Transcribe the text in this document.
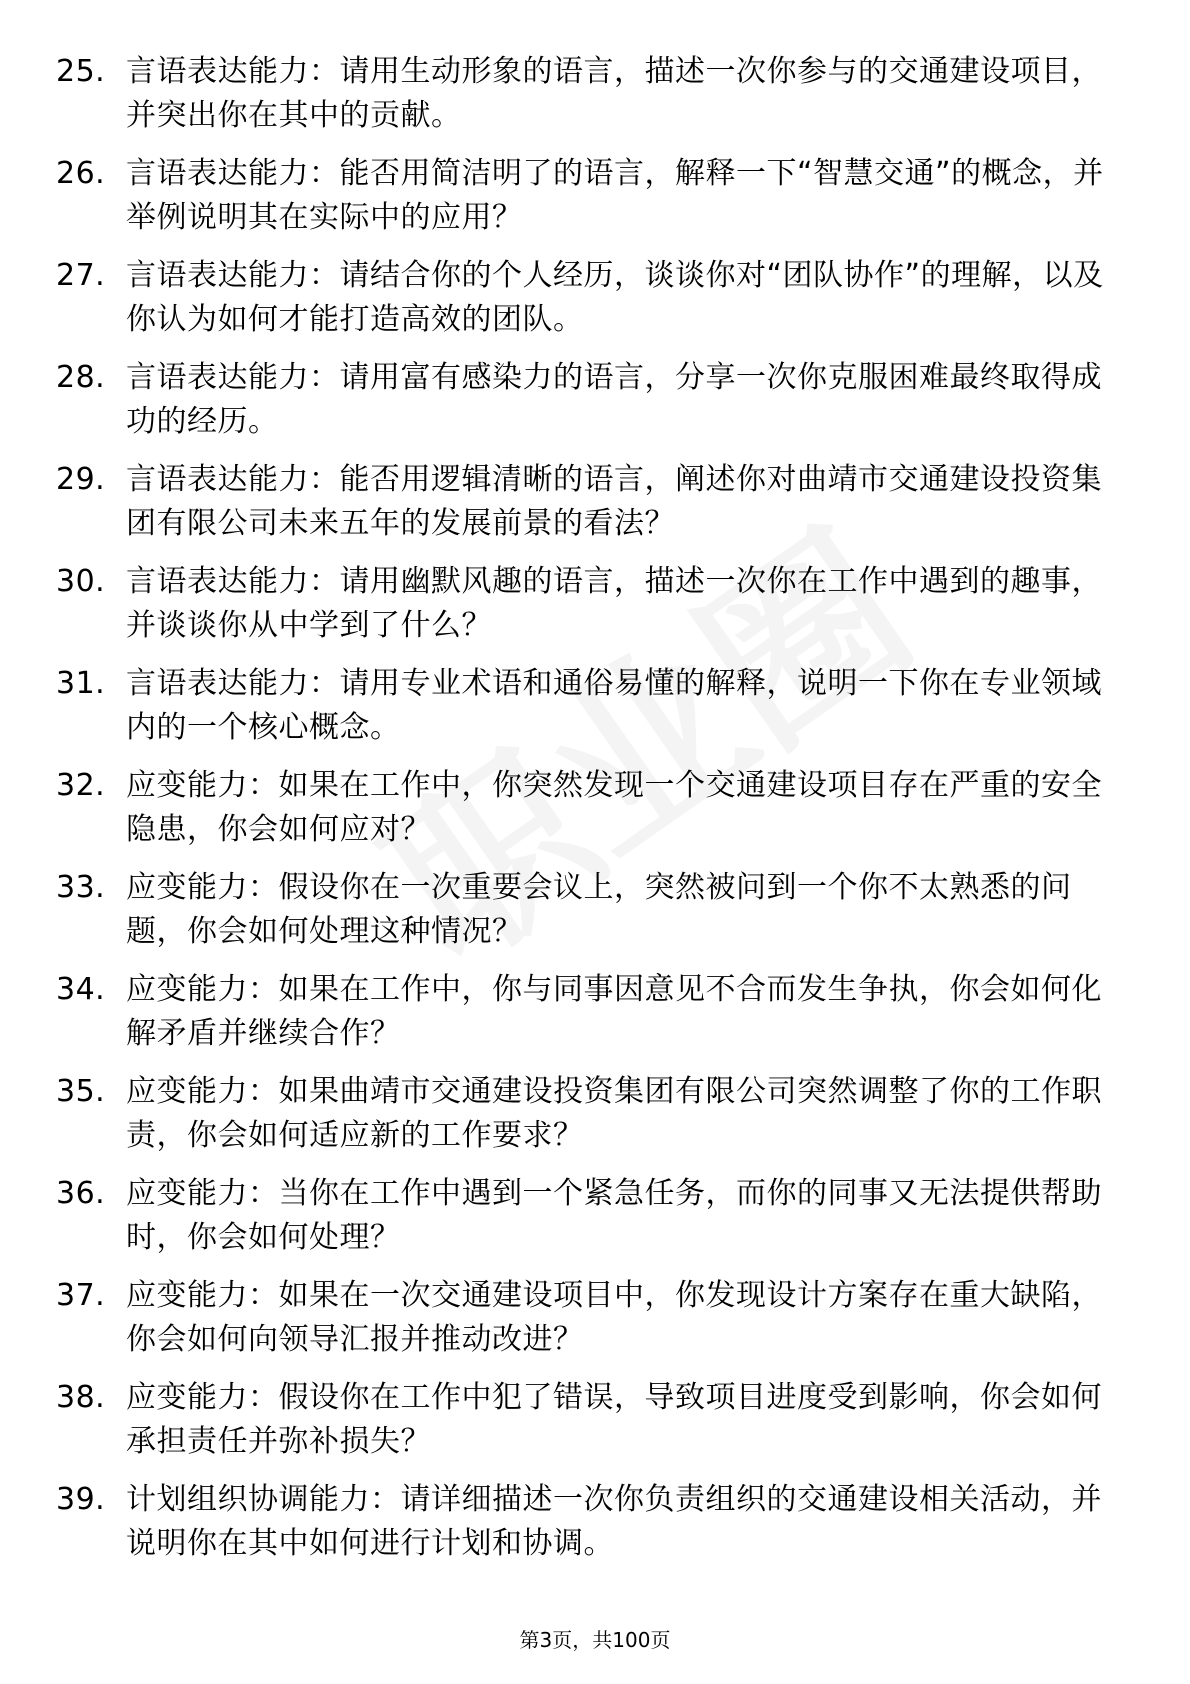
25. 言语表达能力：请用生动形象的语言，描述一次你参与的交通建设项目，并突出你在其中的贡献。
26. 言语表达能力：能否用简洁明了的语言，解释一下“智慧交通”的概念，并举例说明其在实际中的应用？
27. 言语表达能力：请结合你的个人经历，谈谈你对“团队协作”的理解，以及你认为如何才能打造高效的团队。
28. 言语表达能力：请用富有感染力的语言，分享一次你克服困难最终取得成功的经历。
29. 言语表达能力：能否用逻辑清晰的语言，阐述你对曲靖市交通建设投资集团有限公司未来五年的发展前景的看法？
30. 言语表达能力：请用幽默风趣的语言，描述一次你在工作中遇到的趣事，并谈谈你从中学到了什么？
31. 言语表达能力：请用专业术语和通俗易懂的解释，说明一下你在专业领域内的一个核心概念。
32. 应变能力：如果在工作中，你突然发现一个交通建设项目存在严重的安全隐患，你会如何应对？
33. 应变能力：假设你在一次重要会议上，突然被问到一个你不太熟悉的问题，你会如何处理这种情况？
34. 应变能力：如果在工作中，你与同事因意见不合而发生争执，你会如何化解矛盾并继续合作？
35. 应变能力：如果曲靖市交通建设投资集团有限公司突然调整了你的工作职责，你会如何适应新的工作要求？
36. 应变能力：当你在工作中遇到一个紧急任务，而你的同事又无法提供帮助时，你会如何处理？
37. 应变能力：如果在一次交通建设项目中，你发现设计方案存在重大缺陷，你会如何向领导汇报并推动改进？
38. 应变能力：假设你在工作中犯了错误，导致项目进度受到影响，你会如何承担责任并弥补损失？
39. 计划组织协调能力：请详细描述一次你负责组织的交通建设相关活动，并说明你在其中如何进行计划和协调。
第3页，共100页
